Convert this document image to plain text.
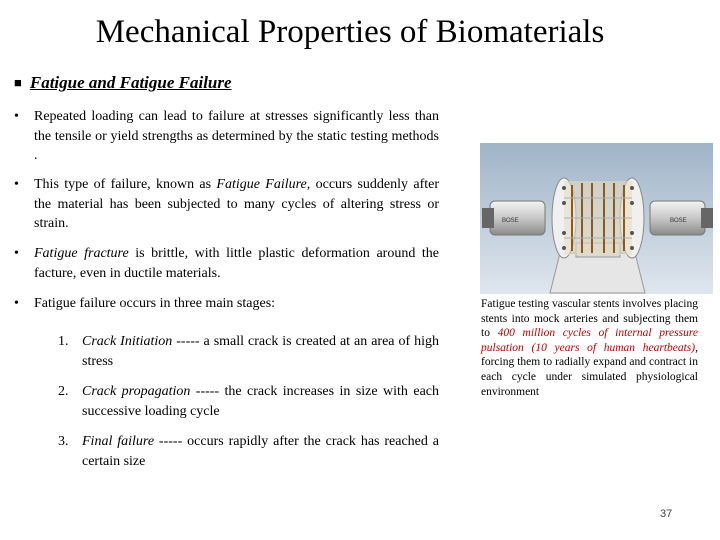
Mechanical Properties of Biomaterials
■ Fatigue and Fatigue Failure
• Repeated loading can lead to failure at stresses significantly less than the tensile or yield strengths as determined by the static testing methods .
• This type of failure, known as Fatigue Failure, occurs suddenly after the material has been subjected to many cycles of altering stress or strain.
• Fatigue fracture is brittle, with little plastic deformation around the facture, even in ductile materials.
• Fatigue failure occurs in three main stages:
1. Crack Initiation ----- a small crack is created at an area of high stress
2. Crack propagation ----- the crack increases in size with each successive loading cycle
3. Final failure ----- occurs rapidly after the crack has reached a certain size
BOSE	BOSE
Fatigue testing vascular stents involves placing stents into mock arteries and subjecting them to 400 million cycles of internal pressure pulsation (10 years of human heartbeats), forcing them to radially expand and contract in each cycle under simulated physiological environment
37
